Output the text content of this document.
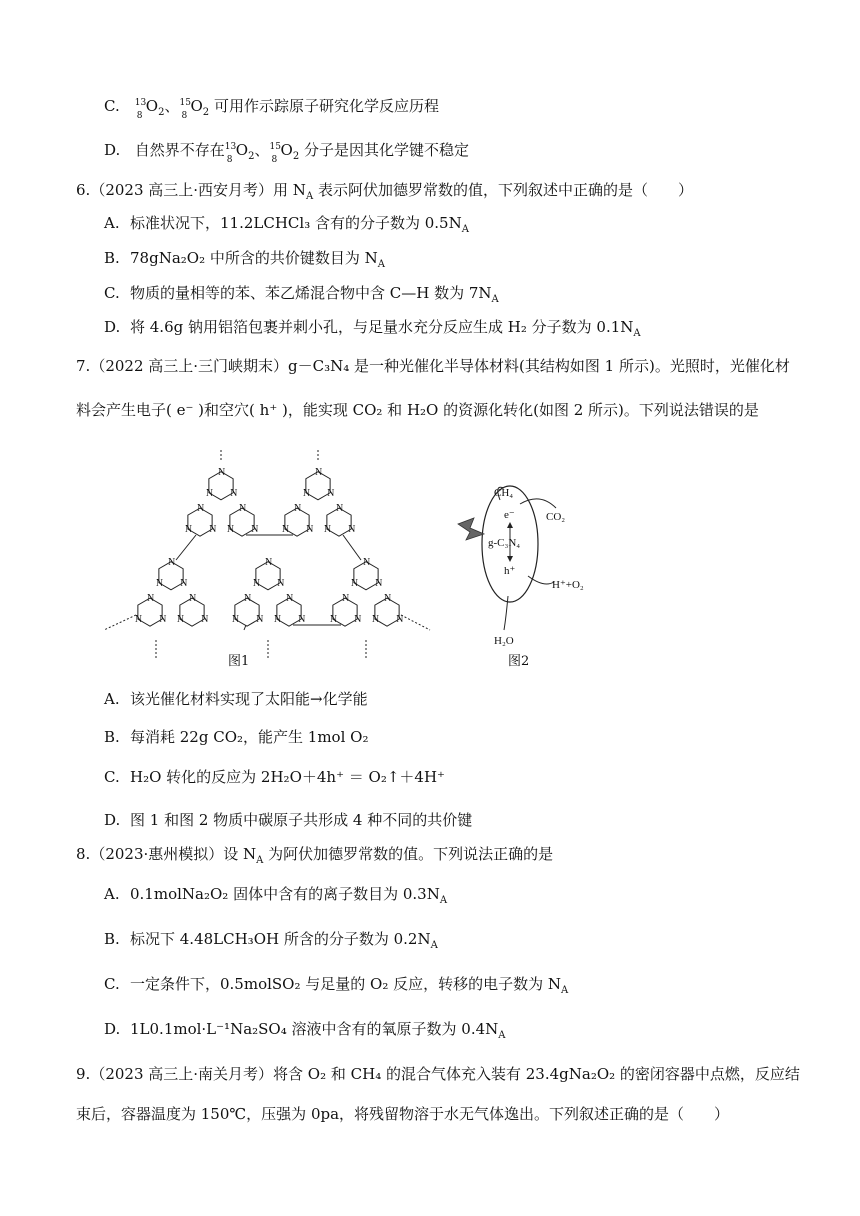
C. 13
8
$O_2$、 15
8
$O_2$ 可用作示踪原子研究化学反应历程
D. 自然界不存在 13
8
$O_2$、 15
8
$O_2$ 分子是因其化学键不稳定
6.（2023 高三上·西安月考）用 $N_A$ 表示阿伏加德罗常数的值，下列叙述中正确的是（　　）
A. 标准状况下，11.2LCHCl₃ 含有的分子数为 $0.5N_A$
B. 78gNa₂O₂ 中所含的共价键数目为 $N_A$
C. 物质的量相等的苯、苯乙烯混合物中含 C—H 数为 $7N_A$
D. 将 4.6g 钠用铝箔包裹并刺小孔，与足量水充分反应生成 H₂ 分子数为 $0.1N_A$
7.（2022 高三上·三门峡期末）g－C₃N₄ 是一种光催化半导体材料(其结构如图 1 所示)。光照时，光催化材
料会产生电子( e⁻ )和空穴( h⁺ )，能实现 CO₂ 和 H₂O 的资源化转化(如图 2 所示)。下列说法错误的是
N
N
N
N
N
N
N
N
N
N
N
N
N
N
N
N
N
N
N
N
N
N
N
N
N
N
N
N
N
N
N
N
N
N
N
N
N
N
N
N
N
N
N
N
N
图1
CH₄
CO₂
e⁻
g-C₃N₄
h⁺
H⁺+O₂
H₂O
图2
A. 该光催化材料实现了太阳能→化学能
B. 每消耗 22g CO₂，能产生 1mol O₂
C. H₂O 转化的反应为 2H₂O＋4h⁺ ＝ O₂↑＋4H⁺
D. 图 1 和图 2 物质中碳原子共形成 4 种不同的共价键
8.（2023·惠州模拟）设 $N_A$ 为阿伏加德罗常数的值。下列说法正确的是
A. 0.1molNa₂O₂ 固体中含有的离子数目为 $0.3N_A$
B. 标况下 4.48LCH₃OH 所含的分子数为 $0.2N_A$
C. 一定条件下，0.5molSO₂ 与足量的 O₂ 反应，转移的电子数为 $N_A$
D. 1L0.1mol·L⁻¹Na₂SO₄ 溶液中含有的氧原子数为 $0.4N_A$
9.（2023 高三上·南关月考）将含 O₂ 和 CH₄ 的混合气体充入装有 23.4gNa₂O₂ 的密闭容器中点燃，反应结
束后，容器温度为 150℃，压强为 0pa，将残留物溶于水无气体逸出。下列叙述正确的是（　　）
